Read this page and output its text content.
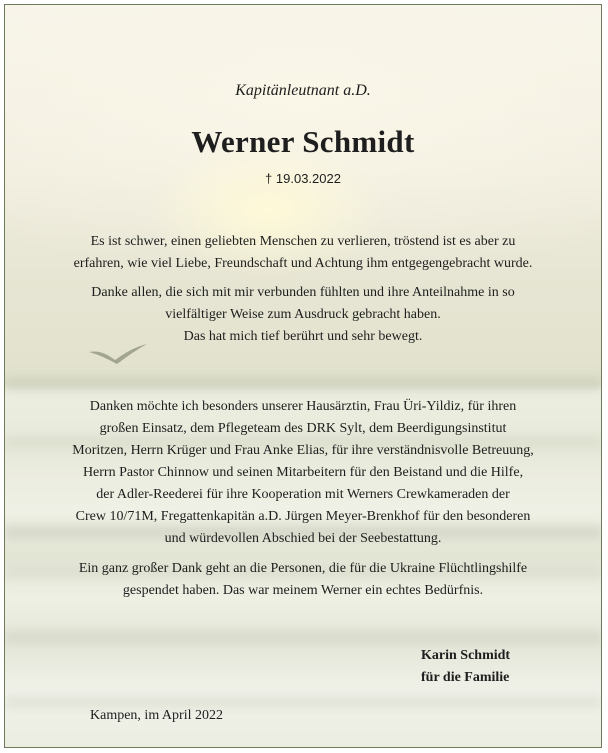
Kapitänleutnant a.D.
Werner Schmidt
† 19.03.2022
Es ist schwer, einen geliebten Menschen zu verlieren, tröstend ist es aber zu
erfahren, wie viel Liebe, Freundschaft und Achtung ihm entgegengebracht wurde.
Danke allen, die sich mit mir verbunden fühlten und ihre Anteilnahme in so
vielfältiger Weise zum Ausdruck gebracht haben.
Das hat mich tief berührt und sehr bewegt.
Danken möchte ich besonders unserer Hausärztin, Frau Üri-Yildiz, für ihren
großen Einsatz, dem Pflegeteam des DRK Sylt, dem Beerdigungsinstitut
Moritzen, Herrn Krüger und Frau Anke Elias, für ihre verständnisvolle Betreuung,
Herrn Pastor Chinnow und seinen Mitarbeitern für den Beistand und die Hilfe,
der Adler-Reederei für ihre Kooperation mit Werners Crewkameraden der
Crew 10/71M, Fregattenkapitän a.D. Jürgen Meyer-Brenkhof für den besonderen
und würdevollen Abschied bei der Seebestattung.
Ein ganz großer Dank geht an die Personen, die für die Ukraine Flüchtlingshilfe
gespendet haben. Das war meinem Werner ein echtes Bedürfnis.
Karin Schmidt
für die Familie
Kampen, im April 2022
